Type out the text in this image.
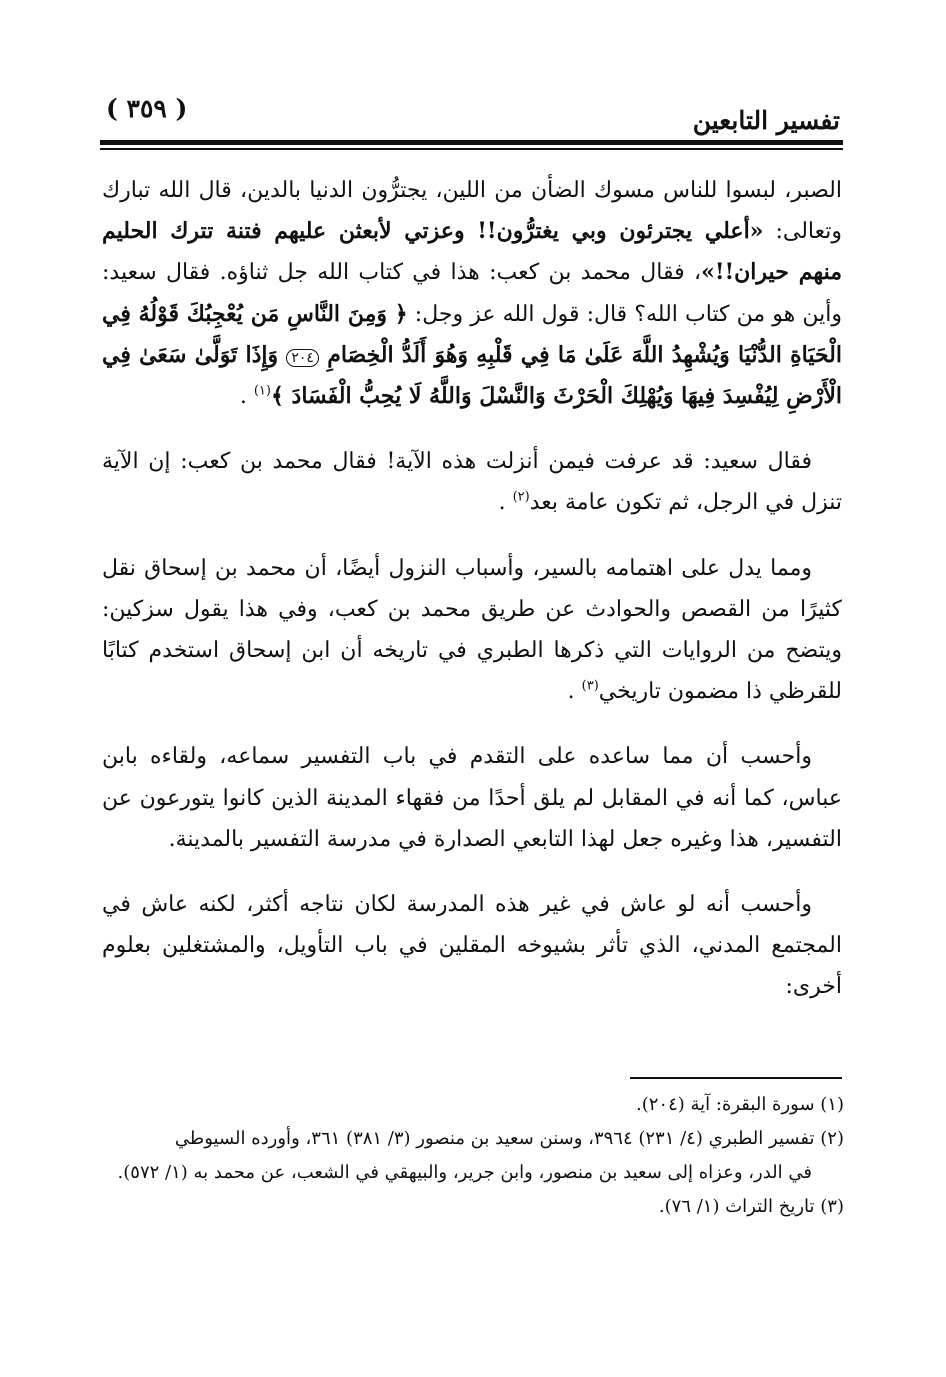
تفسير التابعين
( ٣٥٩ )

الصبر، لبسوا للناس مسوك الضأن من اللين، يجترُّون الدنيا بالدين، قال الله تبارك وتعالى: «أعلي يجترئون وبي يغترُّون!! وعزتي لأبعثن عليهم فتنة تترك الحليم منهم حيران!!»، فقال محمد بن كعب: هذا في كتاب الله جل ثناؤه. فقال سعيد: وأين هو من كتاب الله؟ قال: قول الله عز وجل: ﴿ وَمِنَ النَّاسِ مَن يُعْجِبُكَ قَوْلُهُ فِي الْحَيَاةِ الدُّنْيَا وَيُشْهِدُ اللَّهَ عَلَىٰ مَا فِي قَلْبِهِ وَهُوَ أَلَدُّ الْخِصَامِ ٢٠٤ وَإِذَا تَوَلَّىٰ سَعَىٰ فِي الْأَرْضِ لِيُفْسِدَ فِيهَا وَيُهْلِكَ الْحَرْثَ وَالنَّسْلَ وَاللَّهُ لَا يُحِبُّ الْفَسَادَ ﴾$^{(١)}$ .

فقال سعيد: قد عرفت فيمن أنزلت هذه الآية! فقال محمد بن كعب: إن الآية تنزل في الرجل، ثم تكون عامة بعد$^{(٢)}$ .

ومما يدل على اهتمامه بالسير، وأسباب النزول أيضًا، أن محمد بن إسحاق نقل كثيرًا من القصص والحوادث عن طريق محمد بن كعب، وفي هذا يقول سزكين: ويتضح من الروايات التي ذكرها الطبري في تاريخه أن ابن إسحاق استخدم كتابًا للقرظي ذا مضمون تاريخي$^{(٣)}$ .

وأحسب أن مما ساعده على التقدم في باب التفسير سماعه، ولقاءه بابن عباس، كما أنه في المقابل لم يلق أحدًا من فقهاء المدينة الذين كانوا يتورعون عن التفسير، هذا وغيره جعل لهذا التابعي الصدارة في مدرسة التفسير بالمدينة.

وأحسب أنه لو عاش في غير هذه المدرسة لكان نتاجه أكثر، لكنه عاش في المجتمع المدني، الذي تأثر بشيوخه المقلين في باب التأويل، والمشتغلين بعلوم أخرى:

(١) سورة البقرة: آية (٢٠٤).

(٢) تفسير الطبري (٤/ ٢٣١) ٣٩٦٤، وسنن سعيد بن منصور (٣/ ٣٨١) ٣٦١، وأورده السيوطي

في الدر، وعزاه إلى سعيد بن منصور، وابن جرير، والبيهقي في الشعب، عن محمد به (١/ ٥٧٢).

(٣) تاريخ التراث (١/ ٧٦).
